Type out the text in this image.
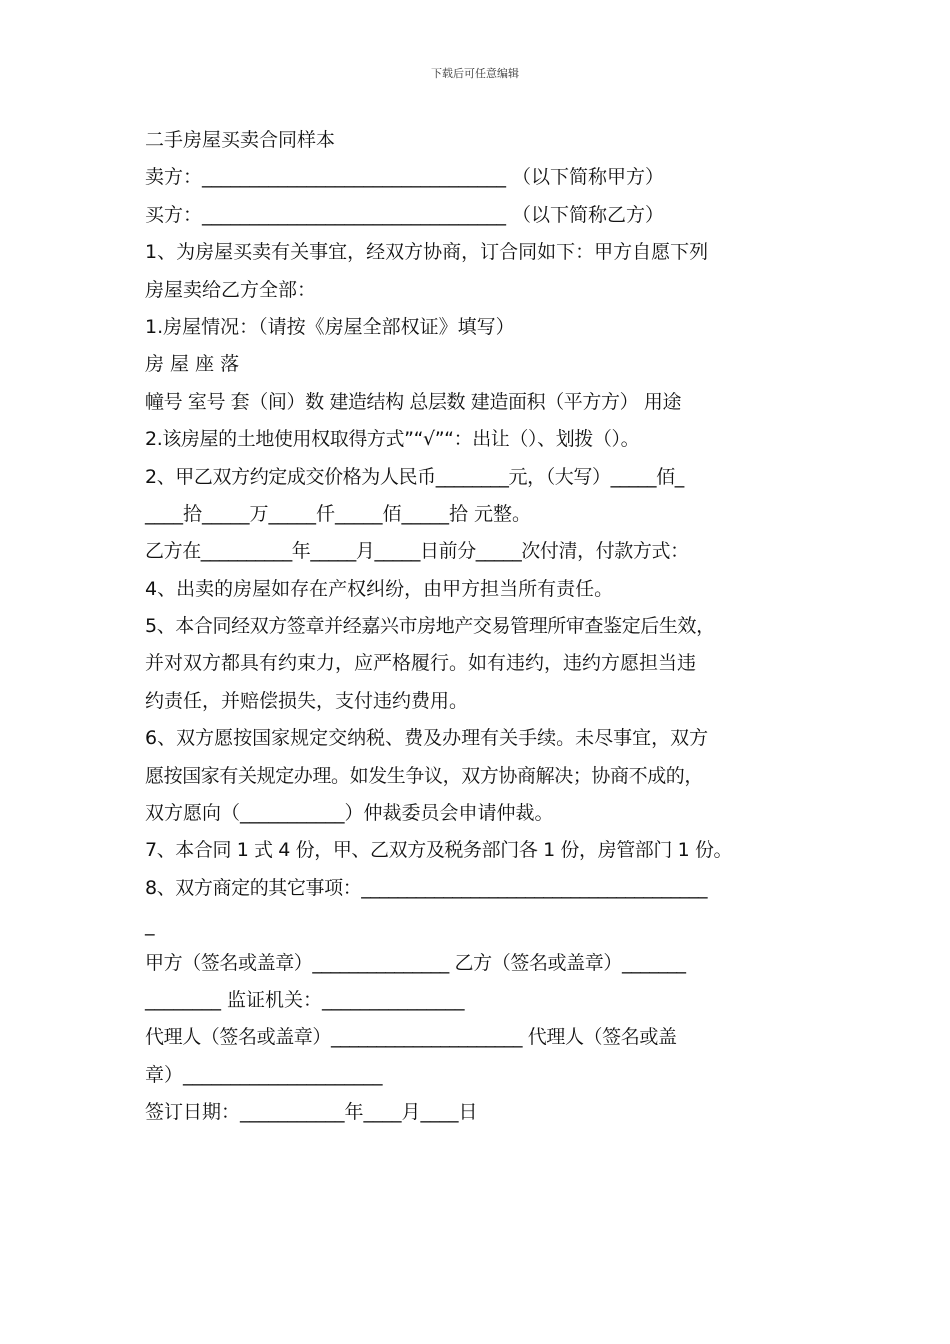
下载后可任意编辑
二手房屋买卖合同样本
卖方：________________________________ （以下简称甲方）
买方：________________________________ （以下简称乙方）
1、为房屋买卖有关事宜，经双方协商，订合同如下：甲方自愿下列
房屋卖给乙方全部：
1.房屋情况：（请按《房屋全部权证》填写）
房 屋 座 落
幢号 室号 套（间）数 建造结构 总层数 建造面积（平方方） 用途
2.该房屋的土地使用权取得方式”“√”“：出让（）、划拨（）。
2、甲乙双方约定成交价格为人民币________元，（大写）_____佰_
____拾_____万_____仟_____佰_____拾 元整。
乙方在__________年_____月_____日前分_____次付清，付款方式：
4、出卖的房屋如存在产权纠纷，由甲方担当所有责任。
5、本合同经双方签章并经嘉兴市房地产交易管理所审查鉴定后生效，
并对双方都具有约束力，应严格履行。如有违约，违约方愿担当违
约责任，并赔偿损失，支付违约费用。
6、双方愿按国家规定交纳税、费及办理有关手续。未尽事宜，双方
愿按国家有关规定办理。如发生争议，双方协商解决；协商不成的，
双方愿向（___________）仲裁委员会申请仲裁。
7、本合同 1 式 4 份，甲、乙双方及税务部门各 1 份，房管部门 1 份。
8、双方商定的其它事项：______________________________________
_
甲方（签名或盖章）_______________ 乙方（签名或盖章）_______
________ 监证机关：_______________
代理人（签名或盖章）_____________________ 代理人（签名或盖
章）_____________________
签订日期：___________年____月____日
